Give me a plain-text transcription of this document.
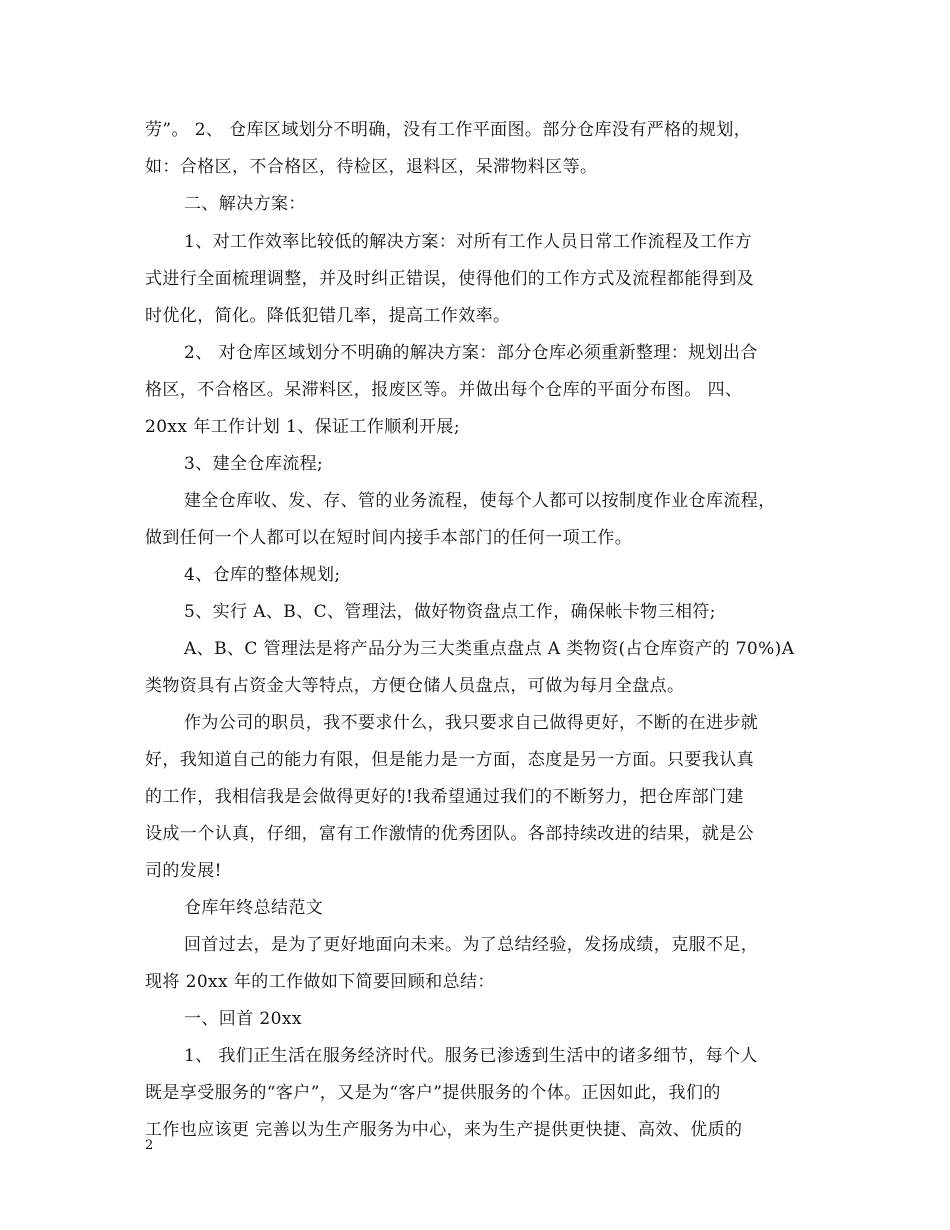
劳”。 2、 仓库区域划分不明确，没有工作平面图。部分仓库没有严格的规划，
如：合格区，不合格区，待检区，退料区，呆滞物料区等。
二、解决方案：
1、对工作效率比较低的解决方案：对所有工作人员日常工作流程及工作方
式进行全面梳理调整，并及时纠正错误，使得他们的工作方式及流程都能得到及
时优化，简化。降低犯错几率，提高工作效率。
2、 对仓库区域划分不明确的解决方案：部分仓库必须重新整理：规划出合
格区，不合格区。呆滞料区，报废区等。并做出每个仓库的平面分布图。 四、
20xx 年工作计划 1、保证工作顺利开展;
3、建全仓库流程;
建全仓库收、发、存、管的业务流程，使每个人都可以按制度作业仓库流程，
做到任何一个人都可以在短时间内接手本部门的任何一项工作。
4、仓库的整体规划;
5、实行 A、B、C、管理法，做好物资盘点工作，确保帐卡物三相符;
A、B、C 管理法是将产品分为三大类重点盘点 A 类物资(占仓库资产的 70%)A
类物资具有占资金大等特点，方便仓储人员盘点，可做为每月全盘点。
作为公司的职员，我不要求什么，我只要求自己做得更好，不断的在进步就
好，我知道自己的能力有限，但是能力是一方面，态度是另一方面。只要我认真
的工作，我相信我是会做得更好的!我希望通过我们的不断努力，把仓库部门建
设成一个认真，仔细，富有工作激情的优秀团队。各部持续改进的结果，就是公
司的发展!
仓库年终总结范文
回首过去，是为了更好地面向未来。为了总结经验，发扬成绩，克服不足，
现将 20xx 年的工作做如下简要回顾和总结：
一、回首 20xx
1、 我们正生活在服务经济时代。服务已渗透到生活中的诸多细节，每个人
既是享受服务的“客户”，又是为“客户”提供服务的个体。正因如此，我们的
工作也应该更 完善以为生产服务为中心，来为生产提供更快捷、高效、优质的
2
